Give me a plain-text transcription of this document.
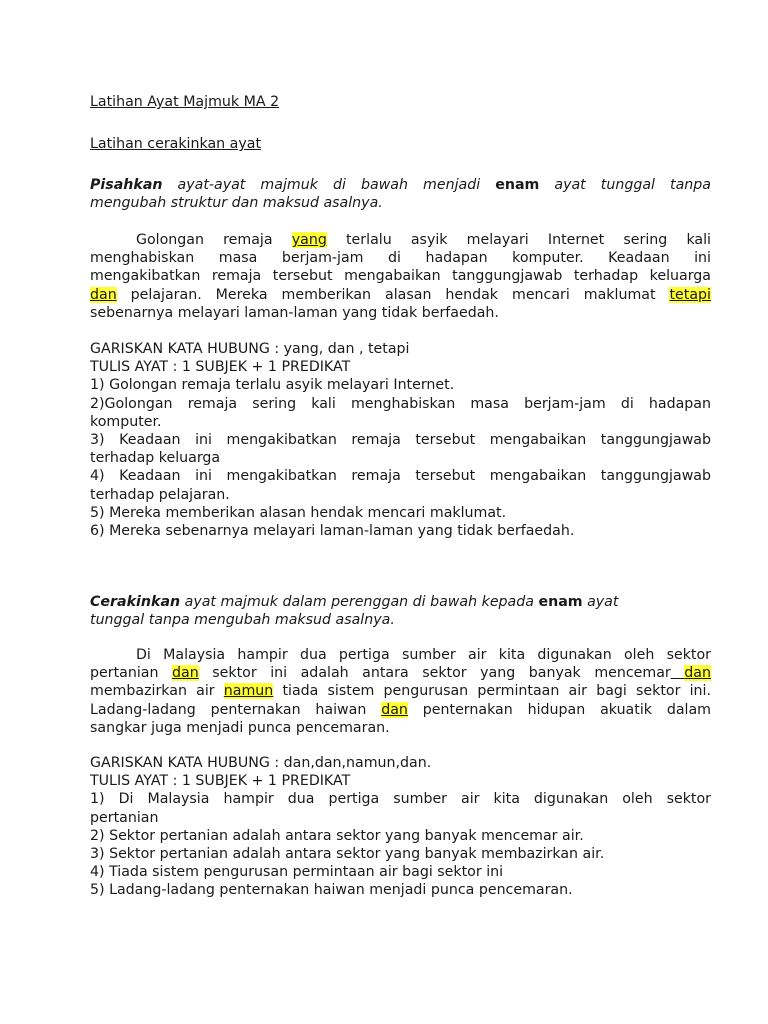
Latihan Ayat Majmuk MA 2
Latihan cerakinkan ayat
Pisahkan ayat-ayat majmuk di bawah menjadi enam ayat tunggal tanpa
mengubah struktur dan maksud asalnya.
Golongan remaja yang terlalu asyik melayari Internet sering kali
menghabiskan masa berjam-jam di hadapan komputer. Keadaan ini
mengakibatkan remaja tersebut mengabaikan tanggungjawab terhadap keluarga
dan pelajaran. Mereka memberikan alasan hendak mencari maklumat tetapi
sebenarnya melayari laman-laman yang tidak berfaedah.
GARISKAN KATA HUBUNG : yang, dan , tetapi
TULIS AYAT : 1 SUBJEK + 1 PREDIKAT
1) Golongan remaja terlalu asyik melayari Internet.
2)Golongan remaja sering kali menghabiskan masa berjam-jam di hadapan
komputer.
3) Keadaan ini mengakibatkan remaja tersebut mengabaikan tanggungjawab
terhadap keluarga
4) Keadaan ini mengakibatkan remaja tersebut mengabaikan tanggungjawab
terhadap pelajaran.
5) Mereka memberikan alasan hendak mencari maklumat.
6) Mereka sebenarnya melayari laman-laman yang tidak berfaedah.
Cerakinkan ayat majmuk dalam perenggan di bawah kepada enam ayat
tunggal tanpa mengubah maksud asalnya.
Di Malaysia hampir dua pertiga sumber air kita digunakan oleh sektor
pertanian dan sektor ini adalah antara sektor yang banyak mencemar dan
membazirkan air namun tiada sistem pengurusan permintaan air bagi sektor ini.
Ladang-ladang penternakan haiwan dan penternakan hidupan akuatik dalam
sangkar juga menjadi punca pencemaran.
GARISKAN KATA HUBUNG : dan,dan,namun,dan.
TULIS AYAT : 1 SUBJEK + 1 PREDIKAT
1) Di Malaysia hampir dua pertiga sumber air kita digunakan oleh sektor
pertanian
2) Sektor pertanian adalah antara sektor yang banyak mencemar air.
3) Sektor pertanian adalah antara sektor yang banyak membazirkan air.
4) Tiada sistem pengurusan permintaan air bagi sektor ini
5) Ladang-ladang penternakan haiwan menjadi punca pencemaran.
